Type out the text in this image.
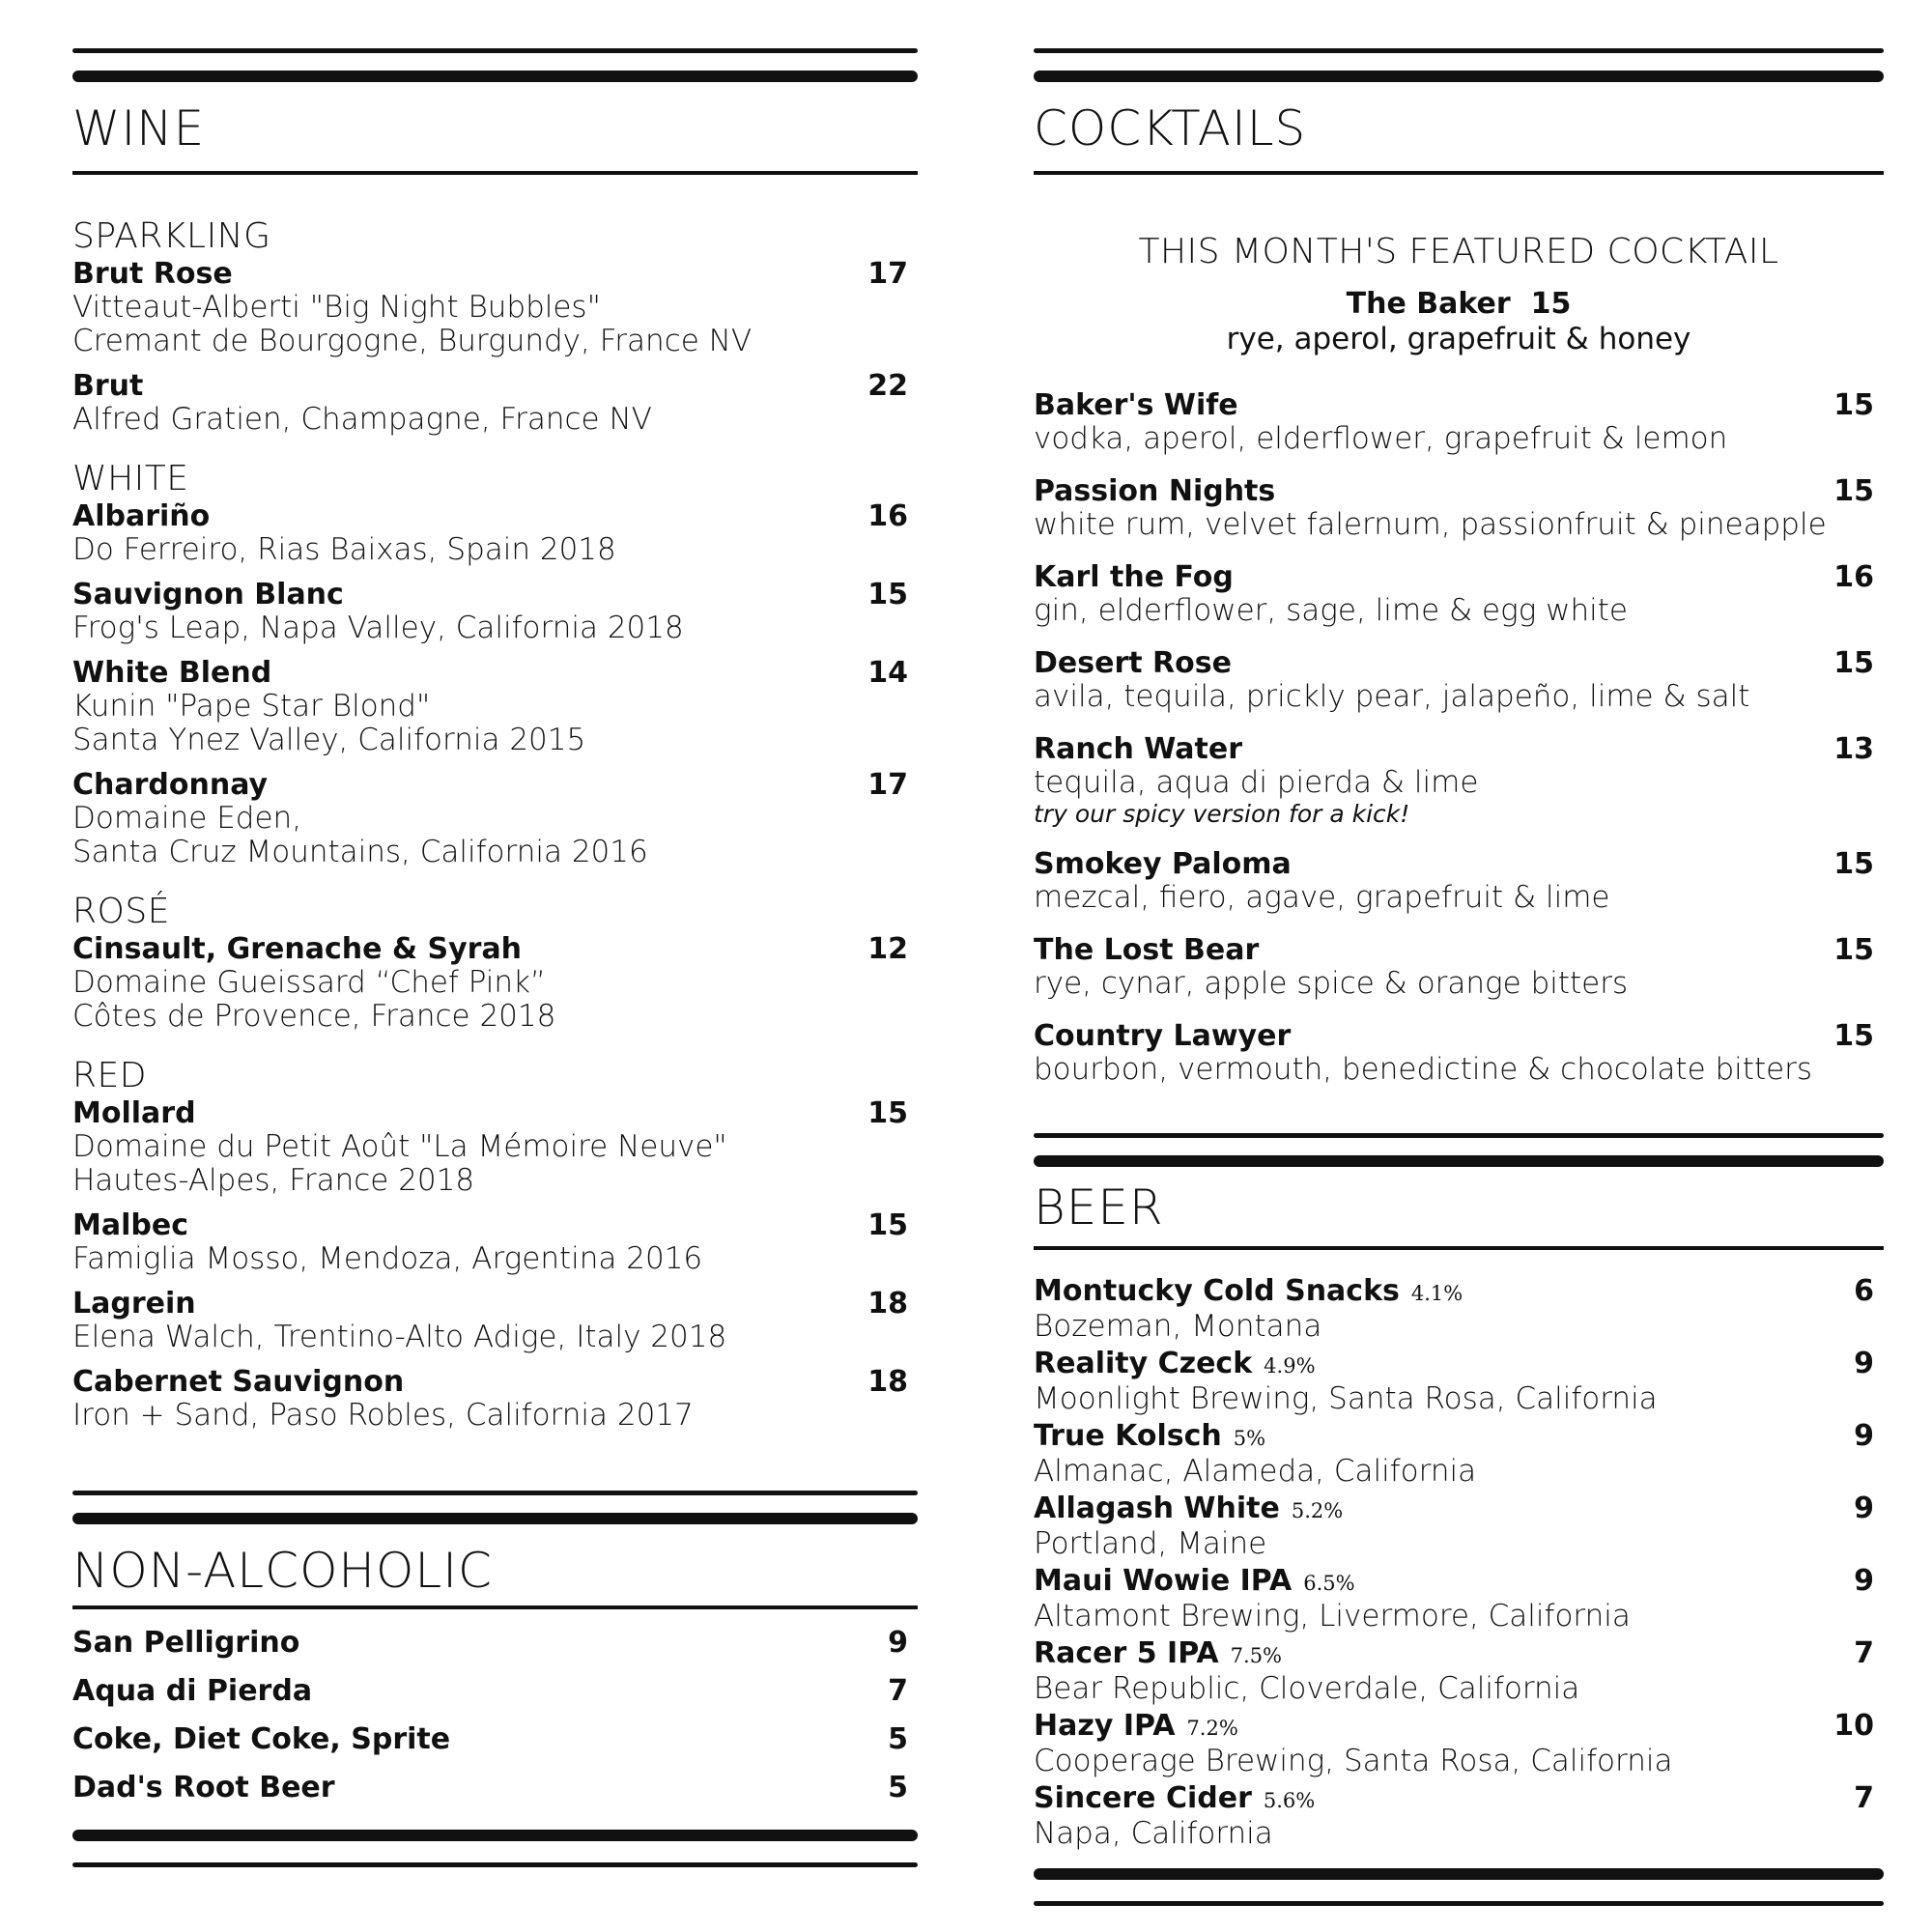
WINE
SPARKLING
Brut Rose	17
Vitteaut-Alberti "Big Night Bubbles"
Cremant de Bourgogne, Burgundy, France NV
Brut	22
Alfred Gratien, Champagne, France NV
WHITE
Albariño	16
Do Ferreiro, Rias Baixas, Spain 2018
Sauvignon Blanc	15
Frog's Leap, Napa Valley, California 2018
White Blend	14
Kunin "Pape Star Blond"
Santa Ynez Valley, California 2015
Chardonnay	17
Domaine Eden,
Santa Cruz Mountains, California 2016
ROSÉ
Cinsault, Grenache & Syrah	12
Domaine Gueissard “Chef Pink”
Côtes de Provence, France 2018
RED
Mollard	15
Domaine du Petit Août "La Mémoire Neuve"
Hautes-Alpes, France 2018
Malbec	15
Famiglia Mosso, Mendoza, Argentina 2016
Lagrein	18
Elena Walch, Trentino-Alto Adige, Italy 2018
Cabernet Sauvignon	18
Iron + Sand, Paso Robles, California 2017
NON-ALCOHOLIC
San Pelligrino	9
Aqua di Pierda	7
Coke, Diet Coke, Sprite	5
Dad's Root Beer	5
COCKTAILS
THIS MONTH'S FEATURED COCKTAIL
The Baker  15
rye, aperol, grapefruit & honey
Baker's Wife	15
vodka, aperol, elderflower, grapefruit & lemon
Passion Nights	15
white rum, velvet falernum, passionfruit & pineapple
Karl the Fog	16
gin, elderflower, sage, lime & egg white
Desert Rose	15
avila, tequila, prickly pear, jalapeño, lime & salt
Ranch Water	13
tequila, aqua di pierda & lime
try our spicy version for a kick!
Smokey Paloma	15
mezcal, fiero, agave, grapefruit & lime
The Lost Bear	15
rye, cynar, apple spice & orange bitters
Country Lawyer	15
bourbon, vermouth, benedictine & chocolate bitters
BEER
Montucky Cold Snacks 4.1%	6
Bozeman, Montana
Reality Czeck 4.9%	9
Moonlight Brewing, Santa Rosa, California
True Kolsch 5%	9
Almanac, Alameda, California
Allagash White 5.2%	9
Portland, Maine
Maui Wowie IPA 6.5%	9
Altamont Brewing, Livermore, California
Racer 5 IPA 7.5%	7
Bear Republic, Cloverdale, California
Hazy IPA 7.2%	10
Cooperage Brewing, Santa Rosa, California
Sincere Cider 5.6%	7
Napa, California
